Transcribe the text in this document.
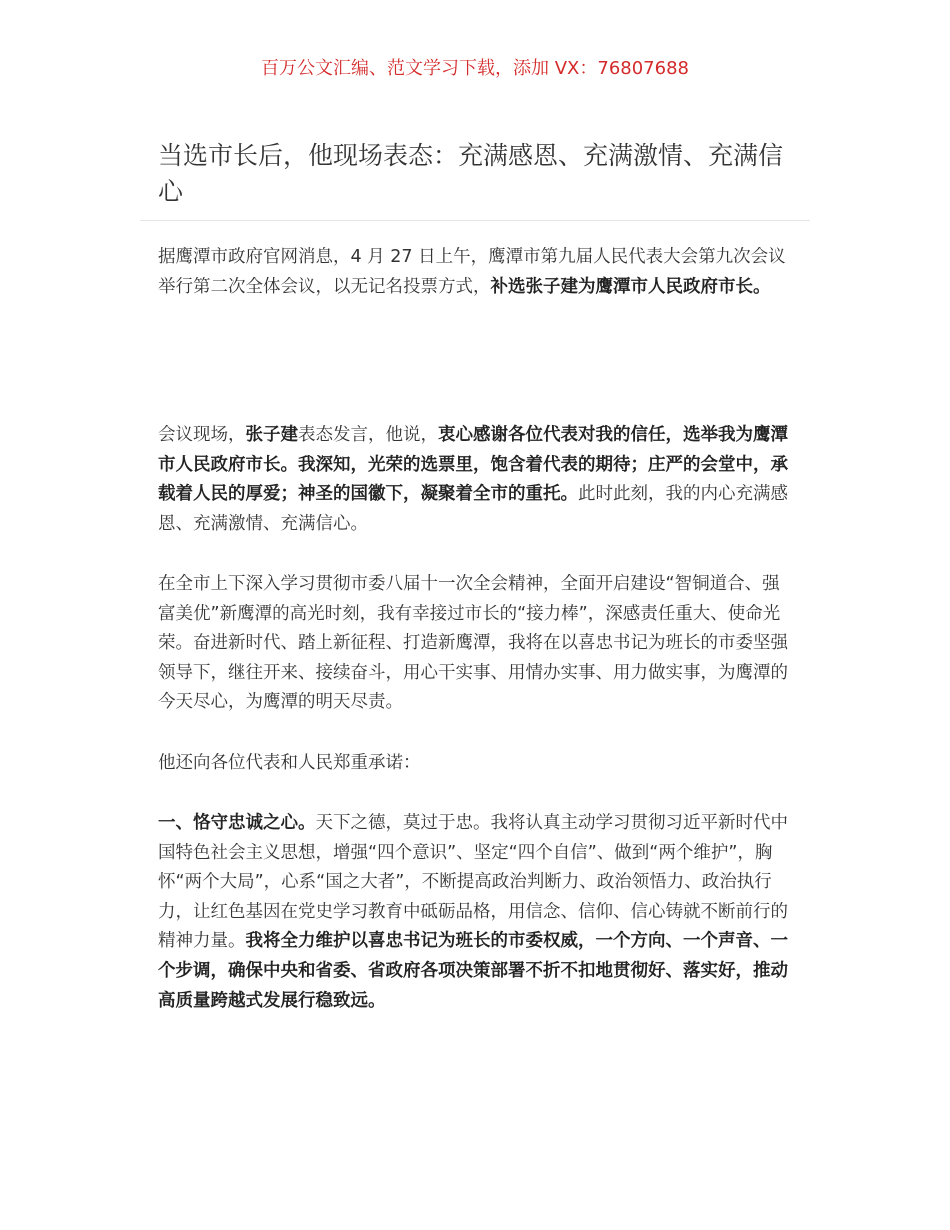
百万公文汇编、范文学习下载，添加 VX：76807688
当选市长后，他现场表态：充满感恩、充满激情、充满信心

据鹰潭市政府官网消息，4 月 27 日上午，鹰潭市第九届人民代表大会第九次会议举行第二次全体会议，以无记名投票方式，补选张子建为鹰潭市人民政府市长。

会议现场，张子建表态发言，他说，衷心感谢各位代表对我的信任，选举我为鹰潭市人民政府市长。我深知，光荣的选票里，饱含着代表的期待；庄严的会堂中，承载着人民的厚爱；神圣的国徽下，凝聚着全市的重托。此时此刻，我的内心充满感恩、充满激情、充满信心。

在全市上下深入学习贯彻市委八届十一次全会精神，全面开启建设“智铜道合、强富美优”新鹰潭的高光时刻，我有幸接过市长的“接力棒”，深感责任重大、使命光荣。奋进新时代、踏上新征程、打造新鹰潭，我将在以喜忠书记为班长的市委坚强领导下，继往开来、接续奋斗，用心干实事、用情办实事、用力做实事，为鹰潭的今天尽心，为鹰潭的明天尽责。

他还向各位代表和人民郑重承诺：

一、恪守忠诚之心。天下之德，莫过于忠。我将认真主动学习贯彻习近平新时代中国特色社会主义思想，增强“四个意识”、坚定“四个自信”、做到“两个维护”，胸怀“两个大局”，心系“国之大者”，不断提高政治判断力、政治领悟力、政治执行力，让红色基因在党史学习教育中砥砺品格，用信念、信仰、信心铸就不断前行的精神力量。我将全力维护以喜忠书记为班长的市委权威，一个方向、一个声音、一个步调，确保中央和省委、省政府各项决策部署不折不扣地贯彻好、落实好，推动高质量跨越式发展行稳致远。
